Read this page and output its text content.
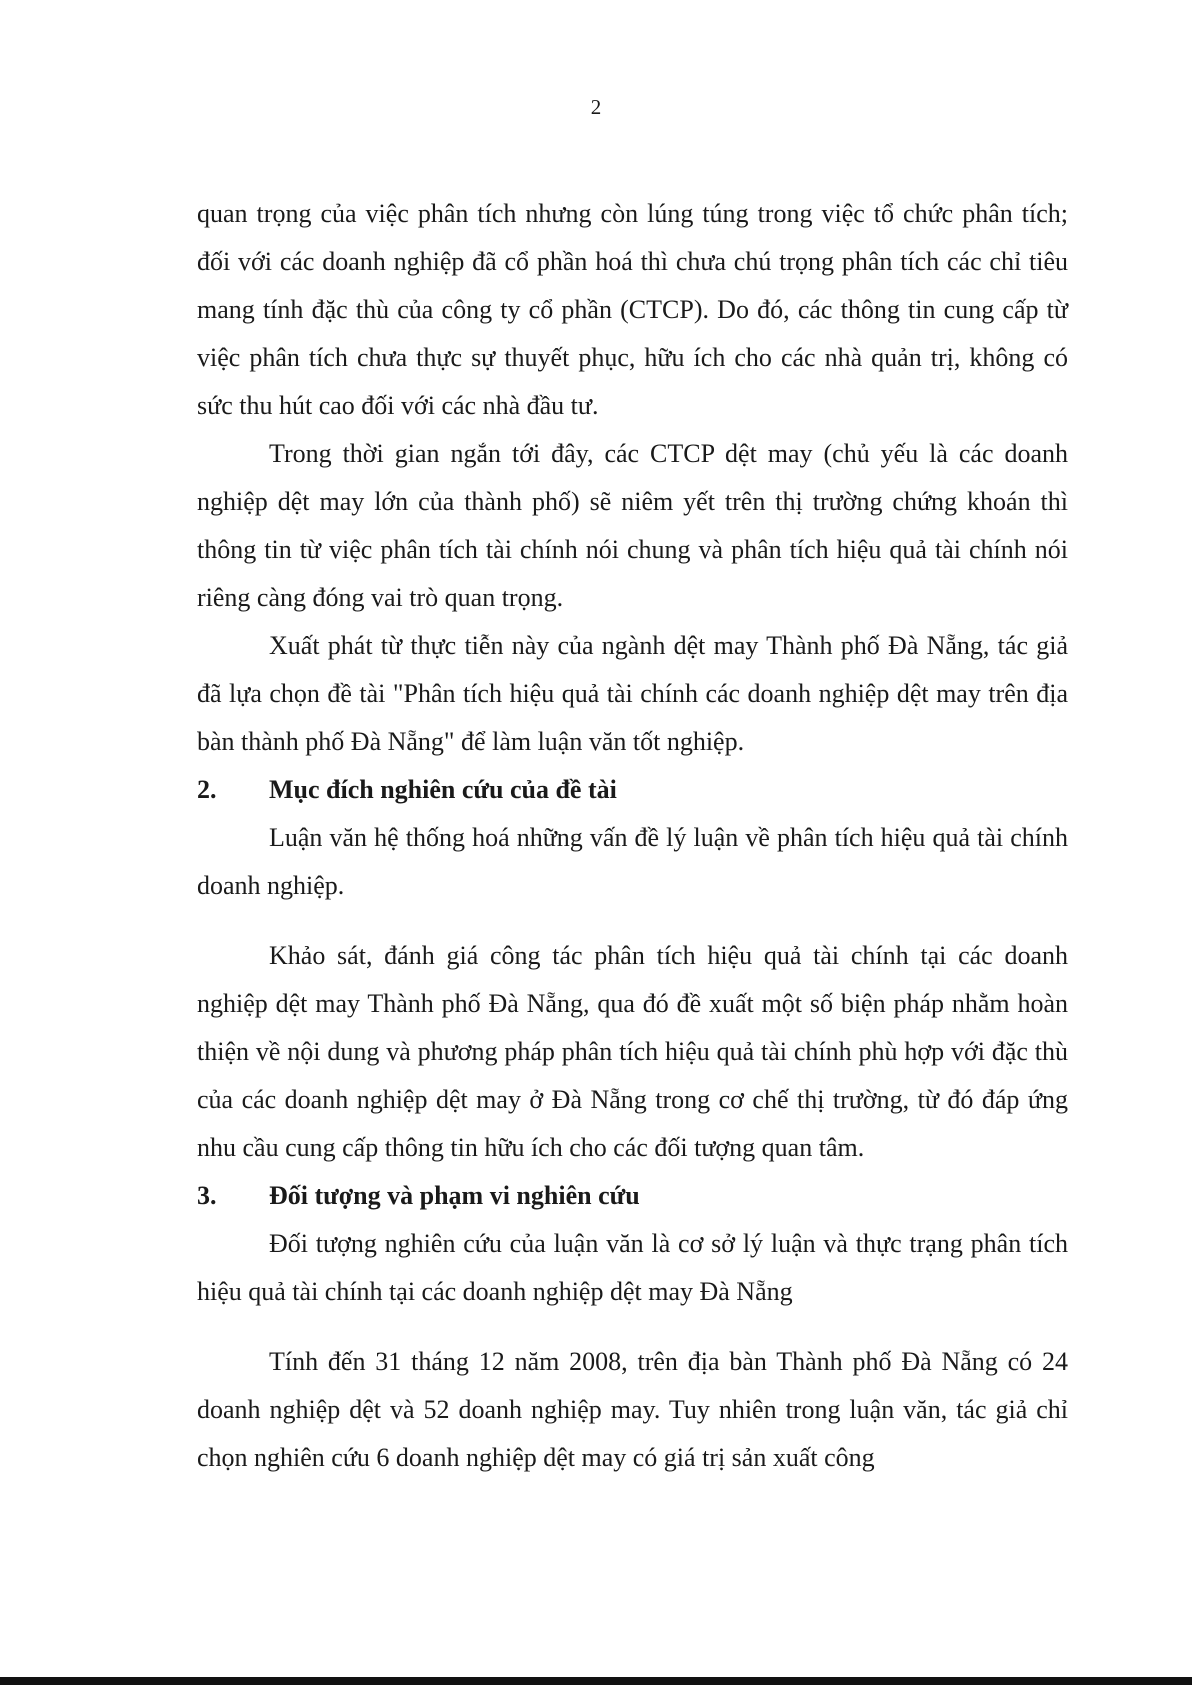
2

quan trọng của việc phân tích nhưng còn lúng túng trong việc tổ chức phân tích; đối với các doanh nghiệp đã cổ phần hoá thì chưa chú trọng phân tích các chỉ tiêu mang tính đặc thù của công ty cổ phần (CTCP). Do đó, các thông tin cung cấp từ việc phân tích chưa thực sự thuyết phục, hữu ích cho các nhà quản trị, không có sức thu hút cao đối với các nhà đầu tư.

Trong thời gian ngắn tới đây, các CTCP dệt may (chủ yếu là các doanh nghiệp dệt may lớn của thành phố) sẽ niêm yết trên thị trường chứng khoán thì thông tin từ việc phân tích tài chính nói chung và phân tích hiệu quả tài chính nói riêng càng đóng vai trò quan trọng.

Xuất phát từ thực tiễn này của ngành dệt may Thành phố Đà Nẵng, tác giả đã lựa chọn đề tài "Phân tích hiệu quả tài chính các doanh nghiệp dệt may trên địa bàn thành phố Đà Nẵng" để làm luận văn tốt nghiệp.

2.	Mục đích nghiên cứu của đề tài

Luận văn hệ thống hoá những vấn đề lý luận về phân tích hiệu quả tài chính doanh nghiệp.

Khảo sát, đánh giá công tác phân tích hiệu quả tài chính tại các doanh nghiệp dệt may Thành phố Đà Nẵng, qua đó đề xuất một số biện pháp nhằm hoàn thiện về nội dung và phương pháp phân tích hiệu quả tài chính phù hợp với đặc thù của các doanh nghiệp dệt may ở Đà Nẵng trong cơ chế thị trường, từ đó đáp ứng nhu cầu cung cấp thông tin hữu ích cho các đối tượng quan tâm.

3.	Đối tượng và phạm vi nghiên cứu

Đối tượng nghiên cứu của luận văn là cơ sở lý luận và thực trạng phân tích hiệu quả tài chính tại các doanh nghiệp dệt may Đà Nẵng

Tính đến 31 tháng 12 năm 2008, trên địa bàn Thành phố Đà Nẵng có 24 doanh nghiệp dệt và 52 doanh nghiệp may. Tuy nhiên trong luận văn, tác giả chỉ chọn nghiên cứu 6 doanh nghiệp dệt may có giá trị sản xuất công
